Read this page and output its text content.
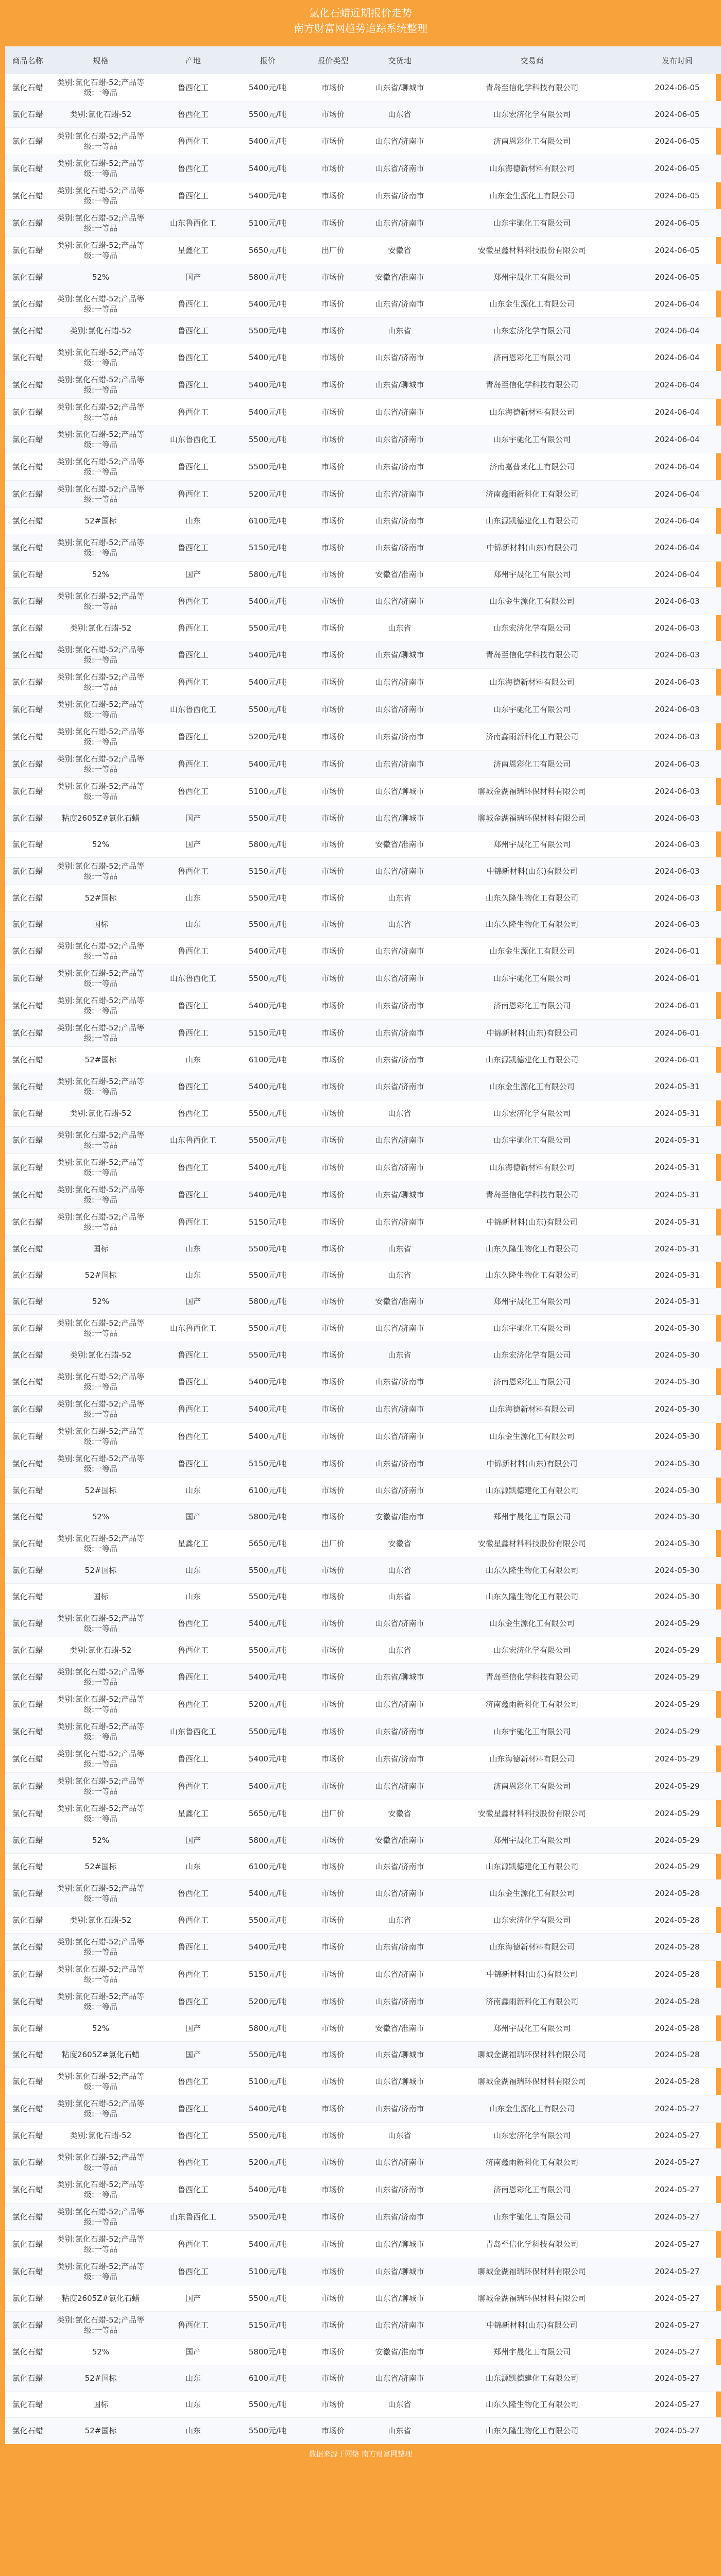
氯化石蜡近期报价走势
南方财富网趋势追踪系统整理
商品名称	规格	产地	报价	报价类型	交货地	交易商	发布时间
氯化石蜡	类别:氯化石蜡-52;产品等级:一等品	鲁西化工	5400元/吨	市场价	山东省/聊城市	青岛至信化学科技有限公司	2024-06-05
氯化石蜡	类别:氯化石蜡-52	鲁西化工	5500元/吨	市场价	山东省	山东宏济化学有限公司	2024-06-05
氯化石蜡	类别:氯化石蜡-52;产品等级:一等品	鲁西化工	5400元/吨	市场价	山东省/济南市	济南恩彩化工有限公司	2024-06-05
氯化石蜡	类别:氯化石蜡-52;产品等级:一等品	鲁西化工	5400元/吨	市场价	山东省/济南市	山东海德新材料有限公司	2024-06-05
氯化石蜡	类别:氯化石蜡-52;产品等级:一等品	鲁西化工	5400元/吨	市场价	山东省/济南市	山东金生源化工有限公司	2024-06-05
氯化石蜡	类别:氯化石蜡-52;产品等级:一等品	山东鲁西化工	5100元/吨	市场价	山东省/济南市	山东宇驰化工有限公司	2024-06-05
氯化石蜡	类别:氯化石蜡-52;产品等级:一等品	星鑫化工	5650元/吨	出厂价	安徽省	安徽星鑫材料科技股份有限公司	2024-06-05
氯化石蜡	52%	国产	5800元/吨	市场价	安徽省/淮南市	郑州宇晟化工有限公司	2024-06-05
氯化石蜡	类别:氯化石蜡-52;产品等级:一等品	鲁西化工	5400元/吨	市场价	山东省/济南市	山东金生源化工有限公司	2024-06-04
氯化石蜡	类别:氯化石蜡-52	鲁西化工	5500元/吨	市场价	山东省	山东宏济化学有限公司	2024-06-04
氯化石蜡	类别:氯化石蜡-52;产品等级:一等品	鲁西化工	5400元/吨	市场价	山东省/济南市	济南恩彩化工有限公司	2024-06-04
氯化石蜡	类别:氯化石蜡-52;产品等级:一等品	鲁西化工	5400元/吨	市场价	山东省/聊城市	青岛至信化学科技有限公司	2024-06-04
氯化石蜡	类别:氯化石蜡-52;产品等级:一等品	鲁西化工	5400元/吨	市场价	山东省/济南市	山东海德新材料有限公司	2024-06-04
氯化石蜡	类别:氯化石蜡-52;产品等级:一等品	山东鲁西化工	5500元/吨	市场价	山东省/济南市	山东宇驰化工有限公司	2024-06-04
氯化石蜡	类别:氯化石蜡-52;产品等级:一等品	鲁西化工	5500元/吨	市场价	山东省/济南市	济南嘉普莱化工有限公司	2024-06-04
氯化石蜡	类别:氯化石蜡-52;产品等级:一等品	鲁西化工	5200元/吨	市场价	山东省/济南市	济南鑫雨新科化工有限公司	2024-06-04
氯化石蜡	52#国标	山东	6100元/吨	市场价	山东省/济南市	山东源凯德建化工有限公司	2024-06-04
氯化石蜡	类别:氯化石蜡-52;产品等级:一等品	鲁西化工	5150元/吨	市场价	山东省/济南市	中锦新材料(山东)有限公司	2024-06-04
氯化石蜡	52%	国产	5800元/吨	市场价	安徽省/淮南市	郑州宇晟化工有限公司	2024-06-04
氯化石蜡	类别:氯化石蜡-52;产品等级:一等品	鲁西化工	5400元/吨	市场价	山东省/济南市	山东金生源化工有限公司	2024-06-03
氯化石蜡	类别:氯化石蜡-52	鲁西化工	5500元/吨	市场价	山东省	山东宏济化学有限公司	2024-06-03
氯化石蜡	类别:氯化石蜡-52;产品等级:一等品	鲁西化工	5400元/吨	市场价	山东省/聊城市	青岛至信化学科技有限公司	2024-06-03
氯化石蜡	类别:氯化石蜡-52;产品等级:一等品	鲁西化工	5400元/吨	市场价	山东省/济南市	山东海德新材料有限公司	2024-06-03
氯化石蜡	类别:氯化石蜡-52;产品等级:一等品	山东鲁西化工	5500元/吨	市场价	山东省/济南市	山东宇驰化工有限公司	2024-06-03
氯化石蜡	类别:氯化石蜡-52;产品等级:一等品	鲁西化工	5200元/吨	市场价	山东省/济南市	济南鑫雨新科化工有限公司	2024-06-03
氯化石蜡	类别:氯化石蜡-52;产品等级:一等品	鲁西化工	5400元/吨	市场价	山东省/济南市	济南恩彩化工有限公司	2024-06-03
氯化石蜡	类别:氯化石蜡-52;产品等级:一等品	鲁西化工	5100元/吨	市场价	山东省/聊城市	聊城金湖福瑞环保材料有限公司	2024-06-03
氯化石蜡	粘度2605Z#氯化石蜡	国产	5500元/吨	市场价	山东省/聊城市	聊城金湖福瑞环保材料有限公司	2024-06-03
氯化石蜡	52%	国产	5800元/吨	市场价	安徽省/淮南市	郑州宇晟化工有限公司	2024-06-03
氯化石蜡	类别:氯化石蜡-52;产品等级:一等品	鲁西化工	5150元/吨	市场价	山东省/济南市	中锦新材料(山东)有限公司	2024-06-03
氯化石蜡	52#国标	山东	5500元/吨	市场价	山东省	山东久隆生物化工有限公司	2024-06-03
氯化石蜡	国标	山东	5500元/吨	市场价	山东省	山东久隆生物化工有限公司	2024-06-03
氯化石蜡	类别:氯化石蜡-52;产品等级:一等品	鲁西化工	5400元/吨	市场价	山东省/济南市	山东金生源化工有限公司	2024-06-01
氯化石蜡	类别:氯化石蜡-52;产品等级:一等品	山东鲁西化工	5500元/吨	市场价	山东省/济南市	山东宇驰化工有限公司	2024-06-01
氯化石蜡	类别:氯化石蜡-52;产品等级:一等品	鲁西化工	5400元/吨	市场价	山东省/济南市	济南恩彩化工有限公司	2024-06-01
氯化石蜡	类别:氯化石蜡-52;产品等级:一等品	鲁西化工	5150元/吨	市场价	山东省/济南市	中锦新材料(山东)有限公司	2024-06-01
氯化石蜡	52#国标	山东	6100元/吨	市场价	山东省/济南市	山东源凯德建化工有限公司	2024-06-01
氯化石蜡	类别:氯化石蜡-52;产品等级:一等品	鲁西化工	5400元/吨	市场价	山东省/济南市	山东金生源化工有限公司	2024-05-31
氯化石蜡	类别:氯化石蜡-52	鲁西化工	5500元/吨	市场价	山东省	山东宏济化学有限公司	2024-05-31
氯化石蜡	类别:氯化石蜡-52;产品等级:一等品	山东鲁西化工	5500元/吨	市场价	山东省/济南市	山东宇驰化工有限公司	2024-05-31
氯化石蜡	类别:氯化石蜡-52;产品等级:一等品	鲁西化工	5400元/吨	市场价	山东省/济南市	山东海德新材料有限公司	2024-05-31
氯化石蜡	类别:氯化石蜡-52;产品等级:一等品	鲁西化工	5400元/吨	市场价	山东省/聊城市	青岛至信化学科技有限公司	2024-05-31
氯化石蜡	类别:氯化石蜡-52;产品等级:一等品	鲁西化工	5150元/吨	市场价	山东省/济南市	中锦新材料(山东)有限公司	2024-05-31
氯化石蜡	国标	山东	5500元/吨	市场价	山东省	山东久隆生物化工有限公司	2024-05-31
氯化石蜡	52#国标	山东	5500元/吨	市场价	山东省	山东久隆生物化工有限公司	2024-05-31
氯化石蜡	52%	国产	5800元/吨	市场价	安徽省/淮南市	郑州宇晟化工有限公司	2024-05-31
氯化石蜡	类别:氯化石蜡-52;产品等级:一等品	山东鲁西化工	5500元/吨	市场价	山东省/济南市	山东宇驰化工有限公司	2024-05-30
氯化石蜡	类别:氯化石蜡-52	鲁西化工	5500元/吨	市场价	山东省	山东宏济化学有限公司	2024-05-30
氯化石蜡	类别:氯化石蜡-52;产品等级:一等品	鲁西化工	5400元/吨	市场价	山东省/济南市	济南恩彩化工有限公司	2024-05-30
氯化石蜡	类别:氯化石蜡-52;产品等级:一等品	鲁西化工	5400元/吨	市场价	山东省/济南市	山东海德新材料有限公司	2024-05-30
氯化石蜡	类别:氯化石蜡-52;产品等级:一等品	鲁西化工	5400元/吨	市场价	山东省/济南市	山东金生源化工有限公司	2024-05-30
氯化石蜡	类别:氯化石蜡-52;产品等级:一等品	鲁西化工	5150元/吨	市场价	山东省/济南市	中锦新材料(山东)有限公司	2024-05-30
氯化石蜡	52#国标	山东	6100元/吨	市场价	山东省/济南市	山东源凯德建化工有限公司	2024-05-30
氯化石蜡	52%	国产	5800元/吨	市场价	安徽省/淮南市	郑州宇晟化工有限公司	2024-05-30
氯化石蜡	类别:氯化石蜡-52;产品等级:一等品	星鑫化工	5650元/吨	出厂价	安徽省	安徽星鑫材料科技股份有限公司	2024-05-30
氯化石蜡	52#国标	山东	5500元/吨	市场价	山东省	山东久隆生物化工有限公司	2024-05-30
氯化石蜡	国标	山东	5500元/吨	市场价	山东省	山东久隆生物化工有限公司	2024-05-30
氯化石蜡	类别:氯化石蜡-52;产品等级:一等品	鲁西化工	5400元/吨	市场价	山东省/济南市	山东金生源化工有限公司	2024-05-29
氯化石蜡	类别:氯化石蜡-52	鲁西化工	5500元/吨	市场价	山东省	山东宏济化学有限公司	2024-05-29
氯化石蜡	类别:氯化石蜡-52;产品等级:一等品	鲁西化工	5400元/吨	市场价	山东省/聊城市	青岛至信化学科技有限公司	2024-05-29
氯化石蜡	类别:氯化石蜡-52;产品等级:一等品	鲁西化工	5200元/吨	市场价	山东省/济南市	济南鑫雨新科化工有限公司	2024-05-29
氯化石蜡	类别:氯化石蜡-52;产品等级:一等品	山东鲁西化工	5500元/吨	市场价	山东省/济南市	山东宇驰化工有限公司	2024-05-29
氯化石蜡	类别:氯化石蜡-52;产品等级:一等品	鲁西化工	5400元/吨	市场价	山东省/济南市	山东海德新材料有限公司	2024-05-29
氯化石蜡	类别:氯化石蜡-52;产品等级:一等品	鲁西化工	5400元/吨	市场价	山东省/济南市	济南恩彩化工有限公司	2024-05-29
氯化石蜡	类别:氯化石蜡-52;产品等级:一等品	星鑫化工	5650元/吨	出厂价	安徽省	安徽星鑫材料科技股份有限公司	2024-05-29
氯化石蜡	52%	国产	5800元/吨	市场价	安徽省/淮南市	郑州宇晟化工有限公司	2024-05-29
氯化石蜡	52#国标	山东	6100元/吨	市场价	山东省/济南市	山东源凯德建化工有限公司	2024-05-29
氯化石蜡	类别:氯化石蜡-52;产品等级:一等品	鲁西化工	5400元/吨	市场价	山东省/济南市	山东金生源化工有限公司	2024-05-28
氯化石蜡	类别:氯化石蜡-52	鲁西化工	5500元/吨	市场价	山东省	山东宏济化学有限公司	2024-05-28
氯化石蜡	类别:氯化石蜡-52;产品等级:一等品	鲁西化工	5400元/吨	市场价	山东省/济南市	山东海德新材料有限公司	2024-05-28
氯化石蜡	类别:氯化石蜡-52;产品等级:一等品	鲁西化工	5150元/吨	市场价	山东省/济南市	中锦新材料(山东)有限公司	2024-05-28
氯化石蜡	类别:氯化石蜡-52;产品等级:一等品	鲁西化工	5200元/吨	市场价	山东省/济南市	济南鑫雨新科化工有限公司	2024-05-28
氯化石蜡	52%	国产	5800元/吨	市场价	安徽省/淮南市	郑州宇晟化工有限公司	2024-05-28
氯化石蜡	粘度2605Z#氯化石蜡	国产	5500元/吨	市场价	山东省/聊城市	聊城金湖福瑞环保材料有限公司	2024-05-28
氯化石蜡	类别:氯化石蜡-52;产品等级:一等品	鲁西化工	5100元/吨	市场价	山东省/聊城市	聊城金湖福瑞环保材料有限公司	2024-05-28
氯化石蜡	类别:氯化石蜡-52;产品等级:一等品	鲁西化工	5400元/吨	市场价	山东省/济南市	山东金生源化工有限公司	2024-05-27
氯化石蜡	类别:氯化石蜡-52	鲁西化工	5500元/吨	市场价	山东省	山东宏济化学有限公司	2024-05-27
氯化石蜡	类别:氯化石蜡-52;产品等级:一等品	鲁西化工	5200元/吨	市场价	山东省/济南市	济南鑫雨新科化工有限公司	2024-05-27
氯化石蜡	类别:氯化石蜡-52;产品等级:一等品	鲁西化工	5400元/吨	市场价	山东省/济南市	济南恩彩化工有限公司	2024-05-27
氯化石蜡	类别:氯化石蜡-52;产品等级:一等品	山东鲁西化工	5500元/吨	市场价	山东省/济南市	山东宇驰化工有限公司	2024-05-27
氯化石蜡	类别:氯化石蜡-52;产品等级:一等品	鲁西化工	5400元/吨	市场价	山东省/聊城市	青岛至信化学科技有限公司	2024-05-27
氯化石蜡	类别:氯化石蜡-52;产品等级:一等品	鲁西化工	5100元/吨	市场价	山东省/聊城市	聊城金湖福瑞环保材料有限公司	2024-05-27
氯化石蜡	粘度2605Z#氯化石蜡	国产	5500元/吨	市场价	山东省/聊城市	聊城金湖福瑞环保材料有限公司	2024-05-27
氯化石蜡	类别:氯化石蜡-52;产品等级:一等品	鲁西化工	5150元/吨	市场价	山东省/济南市	中锦新材料(山东)有限公司	2024-05-27
氯化石蜡	52%	国产	5800元/吨	市场价	安徽省/淮南市	郑州宇晟化工有限公司	2024-05-27
氯化石蜡	52#国标	山东	6100元/吨	市场价	山东省/济南市	山东源凯德建化工有限公司	2024-05-27
氯化石蜡	国标	山东	5500元/吨	市场价	山东省	山东久隆生物化工有限公司	2024-05-27
氯化石蜡	52#国标	山东	5500元/吨	市场价	山东省	山东久隆生物化工有限公司	2024-05-27
数据来源于网络 南方财富网整理
